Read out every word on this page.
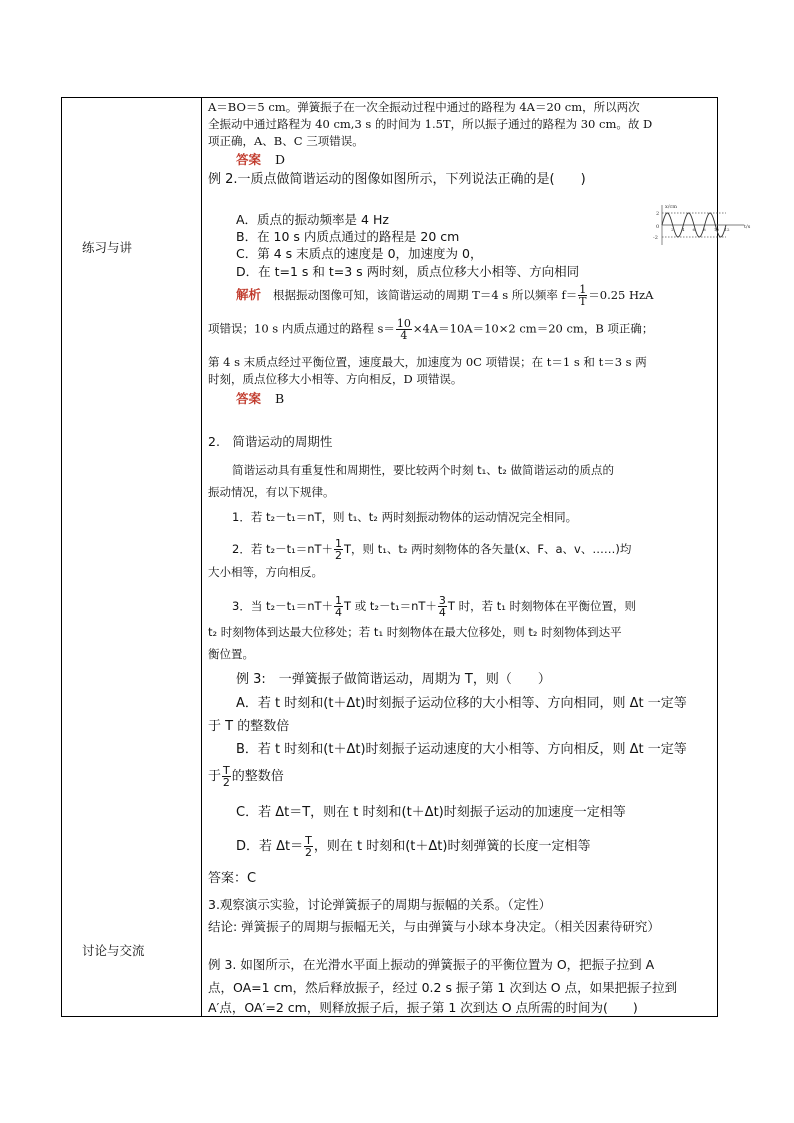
练习与讲
讨论与交流
A＝BO＝5 cm。弹簧振子在一次全振动过程中通过的路程为 4A＝20 cm，所以两次
全振动中通过路程为 40 cm,3 s 的时间为 1.5T，所以振子通过的路程为 30 cm。故 D
项正确，A、B、C 三项错误。
答案 D
例 2.一质点做简谐运动的图像如图所示，下列说法正确的是(　　)
A．质点的振动频率是 4 Hz
B．在 10 s 内质点通过的路程是 20 cm
C．第 4 s 末质点的速度是 0，加速度为 0，
D．在 t=1 s 和 t=3 s 两时刻，质点位移大小相等、方向相同
x/cm
t/s
2
0
-2
2 4 6 8 10 12
解析 根据振动图像可知，该简谐运动的周期 T＝4 s 所以频率 $f= \frac{1}{T} =0.25$ HzA
项错误；10 s 内质点通过的路程 $s= \frac{10}{4} \times 4A=10A=10\times 2$ cm＝20 cm，B 项正确；
第 4 s 末质点经过平衡位置，速度最大，加速度为 0C 项错误；在 t＝1 s 和 t＝3 s 两
时刻，质点位移大小相等、方向相反，D 项错误。
答案 B
2.　简谐运动的周期性
简谐运动具有重复性和周期性，要比较两个时刻 t₁、t₂ 做简谐运动的质点的
振动情况，有以下规律。
1．若 t₂－t₁＝nT，则 t₁、t₂ 两时刻振动物体的运动情况完全相同。
2．若 $t_2-t_1=nT+ \frac{1}{2}$ T，则 t₁、t₂ 两时刻物体的各矢量(x、F、a、v、……)均
大小相等，方向相反。
3．当 $t_2-t_1=nT+ \frac{1}{4}$ T 或 $t_2-t_1=nT+ \frac{3}{4}$ T 时，若 t₁ 时刻物体在平衡位置，则
t₂ 时刻物体到达最大位移处；若 t₁ 时刻物体在最大位移处，则 t₂ 时刻物体到达平
衡位置。
例 3:　一弹簧振子做简谐运动，周期为 T，则（　　）
A．若 t 时刻和(t＋Δt)时刻振子运动位移的大小相等、方向相同，则 Δt 一定等
于 T 的整数倍
B．若 t 时刻和(t＋Δt)时刻振子运动速度的大小相等、方向相反，则 Δt 一定等
于 $\frac{T}{2}$ 的整数倍
C．若 Δt＝T，则在 t 时刻和(t＋Δt)时刻振子运动的加速度一定相等
D．若 $\Delta t= \frac{T}{2}$ ，则在 t 时刻和(t＋Δt)时刻弹簧的长度一定相等
答案：C
3.观察演示实验，讨论弹簧振子的周期与振幅的关系。（定性）
结论: 弹簧振子的周期与振幅无关，与由弹簧与小球本身决定。（相关因素待研究）
例 3. 如图所示，在光滑水平面上振动的弹簧振子的平衡位置为 O，把振子拉到 A
点，OA=1 cm，然后释放振子，经过 0.2 s 振子第 1 次到达 O 点，如果把振子拉到
A′点，OA′=2 cm，则释放振子后，振子第 1 次到达 O 点所需的时间为(　　)
